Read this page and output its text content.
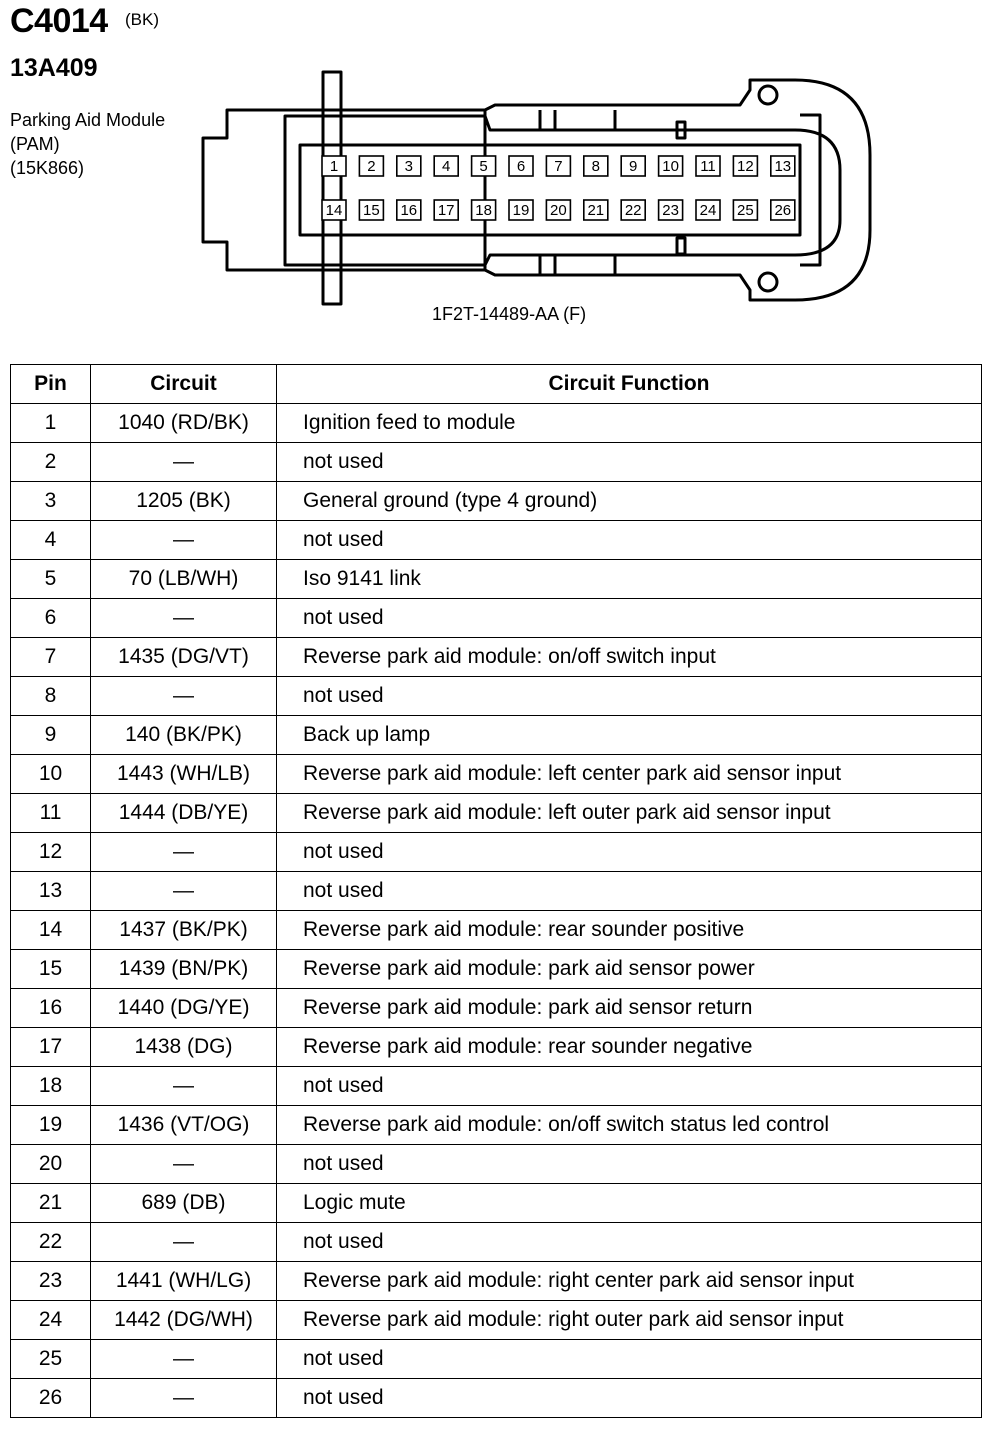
C4014 (BK)
13A409
Parking Aid Module
(PAM)
(15K866)	1 2 3 4 5 6 7 8 9 10 11 12 13
14 15 16 17 18 19 20 21 22 23 24 25 26
1F2T-14489-AA (F)
Pin	Circuit	Circuit Function
1	1040 (RD/BK)	Ignition feed to module
2	—	not used
3	1205 (BK)	General ground (type 4 ground)
4	—	not used
5	70 (LB/WH)	Iso 9141 link
6	—	not used
7	1435 (DG/VT)	Reverse park aid module: on/off switch input
8	—	not used
9	140 (BK/PK)	Back up lamp
10	1443 (WH/LB)	Reverse park aid module: left center park aid sensor input
11	1444 (DB/YE)	Reverse park aid module: left outer park aid sensor input
12	—	not used
13	—	not used
14	1437 (BK/PK)	Reverse park aid module: rear sounder positive
15	1439 (BN/PK)	Reverse park aid module: park aid sensor power
16	1440 (DG/YE)	Reverse park aid module: park aid sensor return
17	1438 (DG)	Reverse park aid module: rear sounder negative
18	—	not used
19	1436 (VT/OG)	Reverse park aid module: on/off switch status led control
20	—	not used
21	689 (DB)	Logic mute
22	—	not used
23	1441 (WH/LG)	Reverse park aid module: right center park aid sensor input
24	1442 (DG/WH)	Reverse park aid module: right outer park aid sensor input
25	—	not used
26	—	not used
